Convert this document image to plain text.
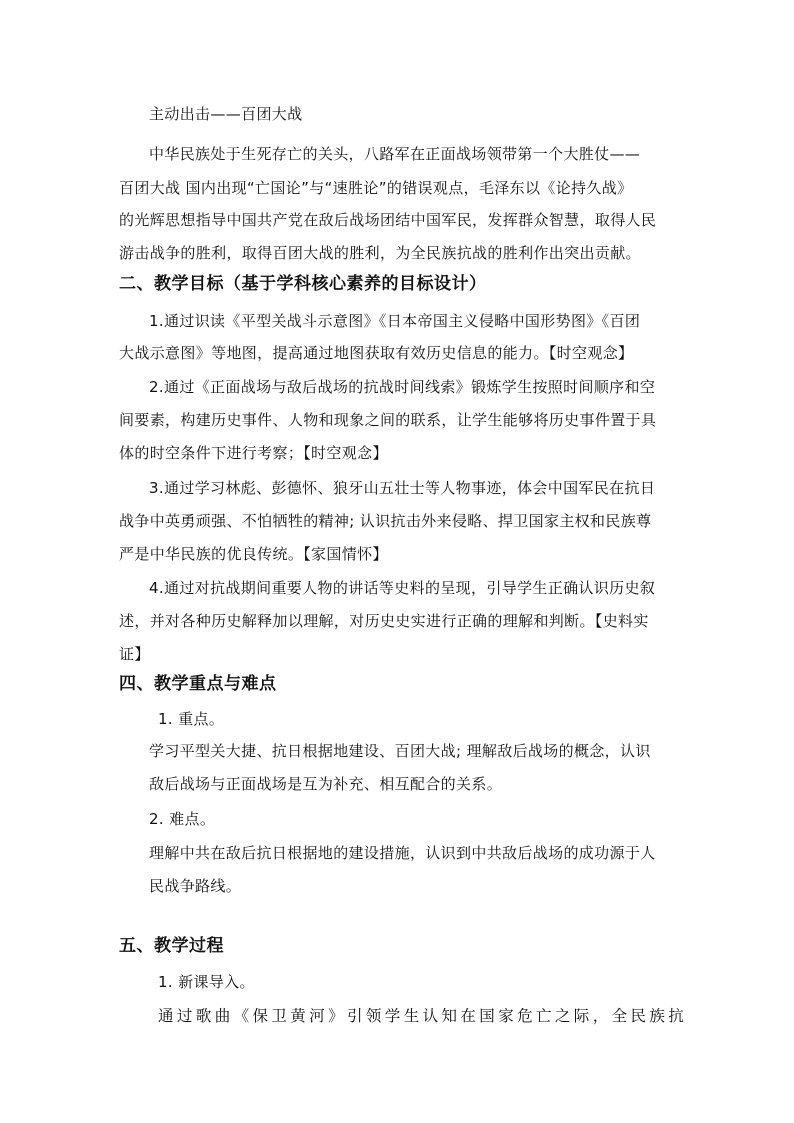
主动出击——百团大战
中华民族处于生死存亡的关头，八路军在正面战场领带第一个大胜仗——
百团大战 国内出现“亡国论”与“速胜论”的错误观点，毛泽东以《论持久战》
的光辉思想指导中国共产党在敌后战场团结中国军民，发挥群众智慧，取得人民
游击战争的胜利，取得百团大战的胜利，为全民族抗战的胜利作出突出贡献。
二、教学目标（基于学科核心素养的目标设计）
1.通过识读《平型关战斗示意图》《日本帝国主义侵略中国形势图》《百团
大战示意图》等地图，提高通过地图获取有效历史信息的能力。【时空观念】
2.通过《正面战场与敌后战场的抗战时间线索》锻炼学生按照时间顺序和空
间要素，构建历史事件、人物和现象之间的联系，让学生能够将历史事件置于具
体的时空条件下进行考察；【时空观念】
3.通过学习林彪、彭德怀、狼牙山五壮士等人物事迹，体会中国军民在抗日
战争中英勇顽强、不怕牺牲的精神; 认识抗击外来侵略、捍卫国家主权和民族尊
严是中华民族的优良传统。【家国情怀】
4.通过对抗战期间重要人物的讲话等史料的呈现，引导学生正确认识历史叙
述，并对各种历史解释加以理解，对历史史实进行正确的理解和判断。【史料实
证】
四、教学重点与难点
1. 重点。
学习平型关大捷、抗日根据地建设、百团大战; 理解敌后战场的概念，认识
敌后战场与正面战场是互为补充、相互配合的关系。
2. 难点。
理解中共在敌后抗日根据地的建设措施，认识到中共敌后战场的成功源于人
民战争路线。
五、教学过程
1. 新课导入。
通过歌曲《保卫黄河》引领学生认知在国家危亡之际，全民族抗
